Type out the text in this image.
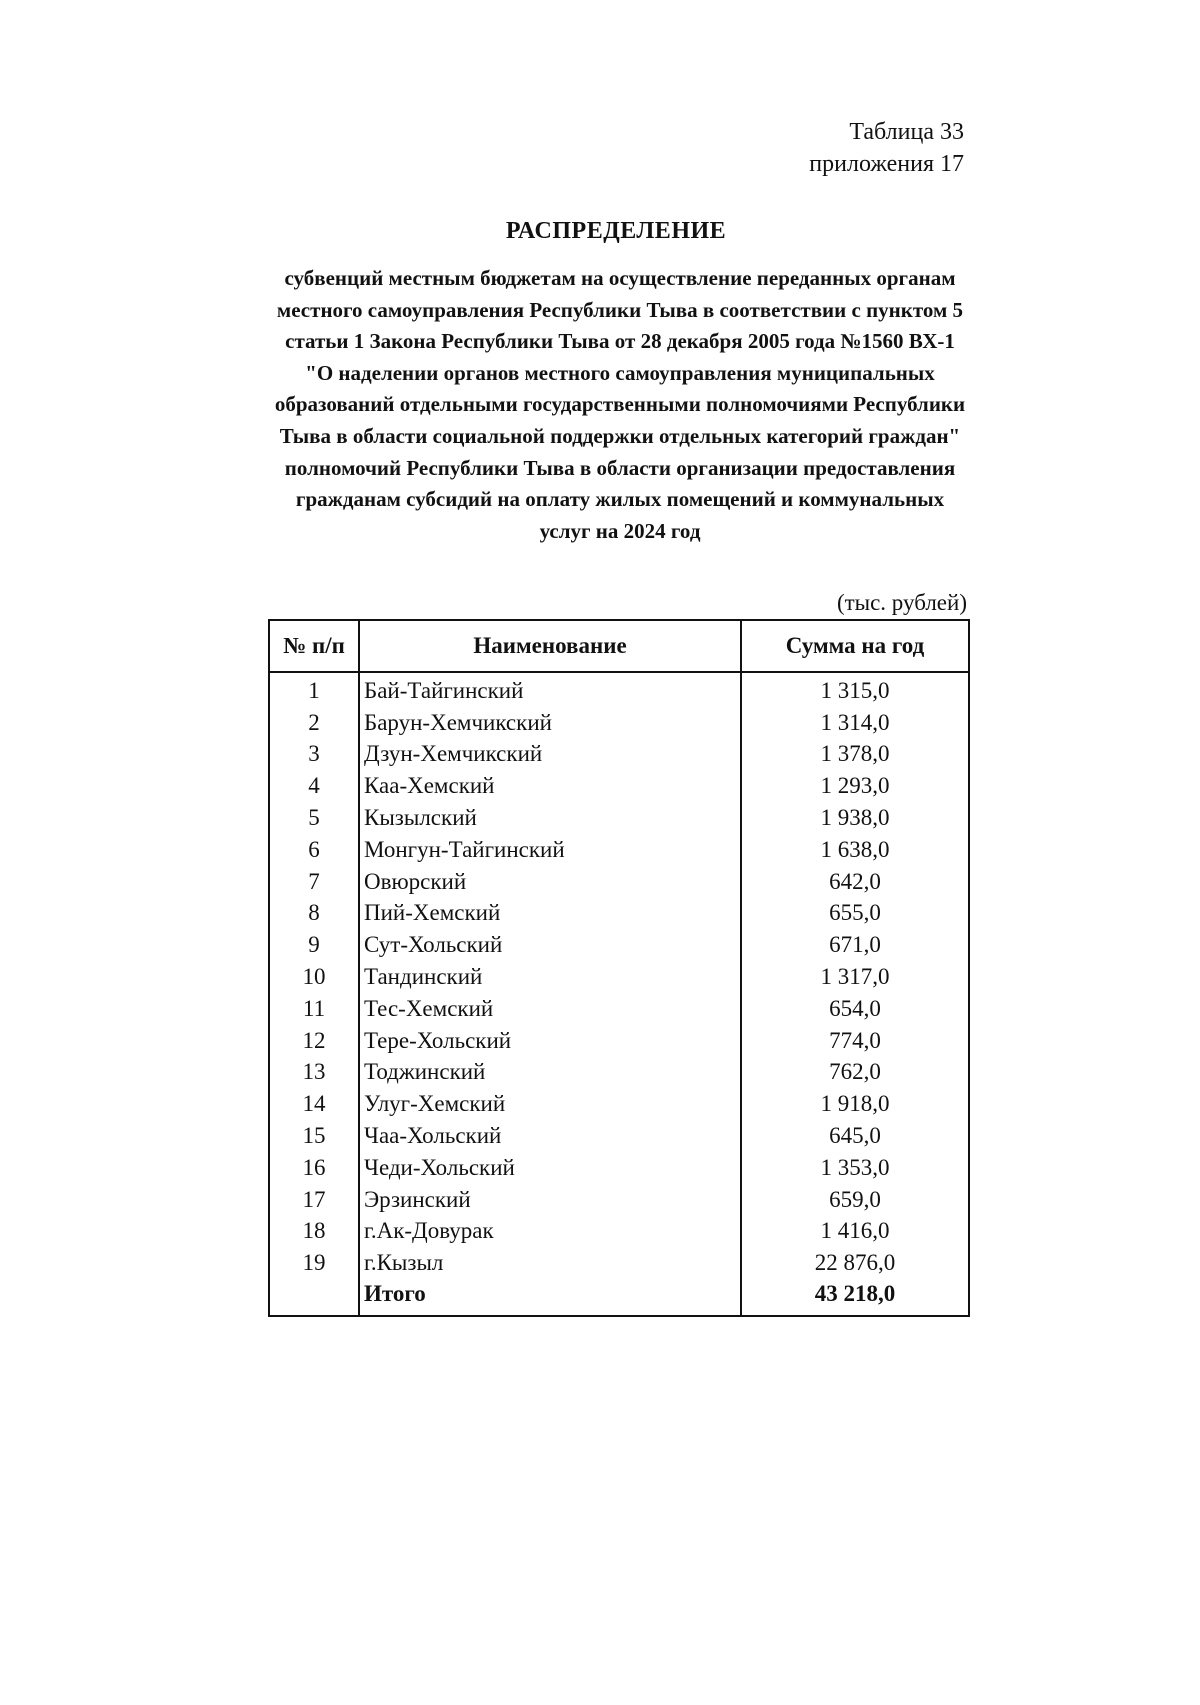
Таблица 33
приложения 17
РАСПРЕДЕЛЕНИЕ
субвенций местным бюджетам на осуществление переданных органам местного самоуправления Республики Тыва в соответствии с пунктом 5 статьи 1 Закона Республики Тыва от 28 декабря 2005 года №1560 ВХ-1 "О наделении органов местного самоуправления муниципальных образований отдельными государственными полномочиями Республики Тыва в области социальной поддержки отдельных категорий граждан" полномочий Республики Тыва в области организации предоставления гражданам субсидий на оплату жилых помещений и коммунальных услуг на 2024 год
(тыс. рублей)
№ п/п	Наименование	Сумма на год
1	Бай-Тайгинский	1 315,0
2	Барун-Хемчикский	1 314,0
3	Дзун-Хемчикский	1 378,0
4	Каа-Хемский	1 293,0
5	Кызылский	1 938,0
6	Монгун-Тайгинский	1 638,0
7	Овюрский	642,0
8	Пий-Хемский	655,0
9	Сут-Хольский	671,0
10	Тандинский	1 317,0
11	Тес-Хемский	654,0
12	Тере-Хольский	774,0
13	Тоджинский	762,0
14	Улуг-Хемский	1 918,0
15	Чаа-Хольский	645,0
16	Чеди-Хольский	1 353,0
17	Эрзинский	659,0
18	г.Ак-Довурак	1 416,0
19	г.Кызыл	22 876,0
	Итого	43 218,0
